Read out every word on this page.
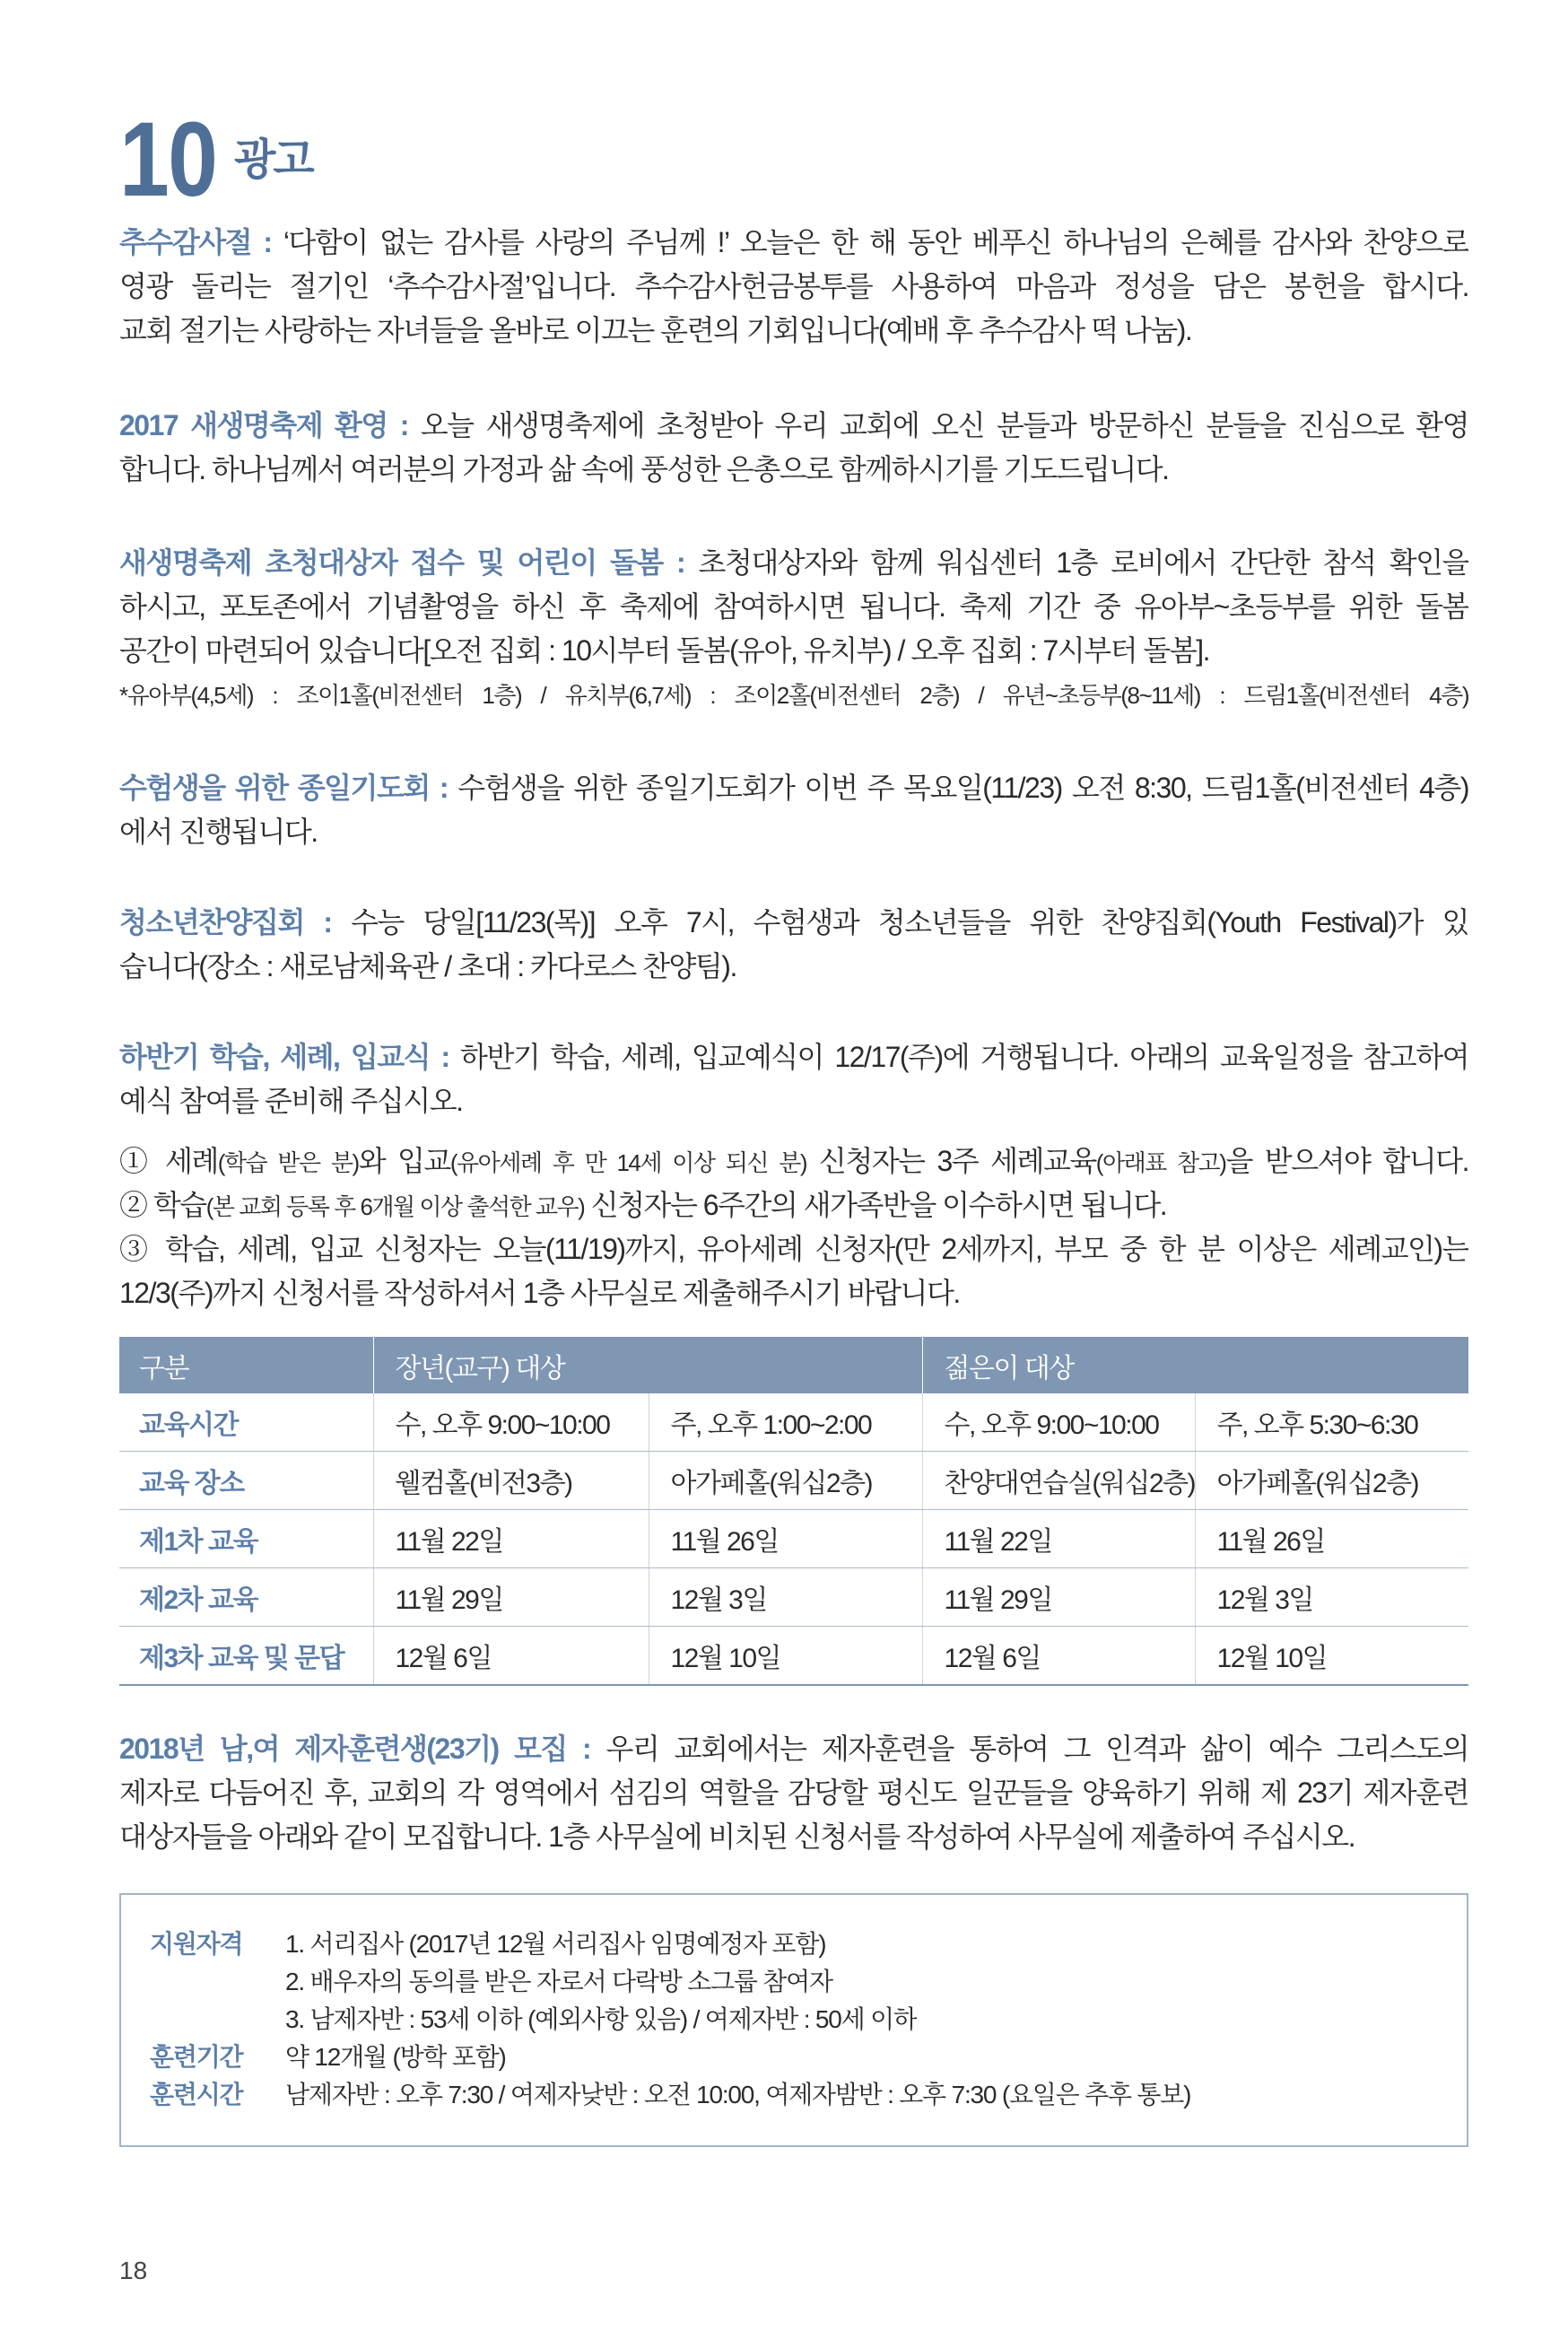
10 광고
추수감사절 : ‘다함이 없는 감사를 사랑의 주님께 !’ 오늘은 한 해 동안 베푸신 하나님의 은혜를 감사와 찬양으로
영광 돌리는 절기인 ‘추수감사절’입니다. 추수감사헌금봉투를 사용하여 마음과 정성을 담은 봉헌을 합시다.
교회 절기는 사랑하는 자녀들을 올바로 이끄는 훈련의 기회입니다(예배 후 추수감사 떡 나눔).
2017 새생명축제 환영 : 오늘 새생명축제에 초청받아 우리 교회에 오신 분들과 방문하신 분들을 진심으로 환영
합니다. 하나님께서 여러분의 가정과 삶 속에 풍성한 은총으로 함께하시기를 기도드립니다.
새생명축제 초청대상자 접수 및 어린이 돌봄 : 초청대상자와 함께 워십센터 1층 로비에서 간단한 참석 확인을
하시고, 포토존에서 기념촬영을 하신 후 축제에 참여하시면 됩니다. 축제 기간 중 유아부~초등부를 위한 돌봄
공간이 마련되어 있습니다[오전 집회 : 10시부터 돌봄(유아, 유치부) / 오후 집회 : 7시부터 돌봄].
*유아부(4,5세) : 조이1홀(비전센터 1층) / 유치부(6,7세) : 조이2홀(비전센터 2층) / 유년~초등부(8~11세) : 드림1홀(비전센터 4층)
수험생을 위한 종일기도회 : 수험생을 위한 종일기도회가 이번 주 목요일(11/23) 오전 8:30, 드림1홀(비전센터 4층)
에서 진행됩니다.
청소년찬양집회 : 수능 당일[11/23(목)] 오후 7시, 수험생과 청소년들을 위한 찬양집회(Youth Festival)가 있
습니다(장소 : 새로남체육관 / 초대 : 카다로스 찬양팀).
하반기 학습, 세례, 입교식 : 하반기 학습, 세례, 입교예식이 12/17(주)에 거행됩니다. 아래의 교육일정을 참고하여
예식 참여를 준비해 주십시오.
① 세례(학습 받은 분)와 입교(유아세례 후 만 14세 이상 되신 분) 신청자는 3주 세례교육(아래표 참고)을 받으셔야 합니다.
② 학습(본 교회 등록 후 6개월 이상 출석한 교우) 신청자는 6주간의 새가족반을 이수하시면 됩니다.
③ 학습, 세례, 입교 신청자는 오늘(11/19)까지, 유아세례 신청자(만 2세까지, 부모 중 한 분 이상은 세례교인)는
12/3(주)까지 신청서를 작성하셔서 1층 사무실로 제출해주시기 바랍니다.
구분	장년(교구) 대상		젊은이 대상	
교육시간	수, 오후 9:00~10:00	주, 오후 1:00~2:00	수, 오후 9:00~10:00	주, 오후 5:30~6:30
교육 장소	웰컴홀(비전3층)	아가페홀(워십2층)	찬양대연습실(워십2층)	아가페홀(워십2층)
제1차 교육	11월 22일	11월 26일	11월 22일	11월 26일
제2차 교육	11월 29일	12월 3일	11월 29일	12월 3일
제3차 교육 및 문답	12월 6일	12월 10일	12월 6일	12월 10일
2018년 남,여 제자훈련생(23기) 모집 : 우리 교회에서는 제자훈련을 통하여 그 인격과 삶이 예수 그리스도의
제자로 다듬어진 후, 교회의 각 영역에서 섬김의 역할을 감당할 평신도 일꾼들을 양육하기 위해 제 23기 제자훈련
대상자들을 아래와 같이 모집합니다. 1층 사무실에 비치된 신청서를 작성하여 사무실에 제출하여 주십시오.
지원자격	1. 서리집사 (2017년 12월 서리집사 임명예정자 포함)
2. 배우자의 동의를 받은 자로서 다락방 소그룹 참여자
3. 남제자반 : 53세 이하 (예외사항 있음) / 여제자반 : 50세 이하
훈련기간	약 12개월 (방학 포함)
훈련시간	남제자반 : 오후 7:30 / 여제자낮반 : 오전 10:00, 여제자밤반 : 오후 7:30 (요일은 추후 통보)
18
